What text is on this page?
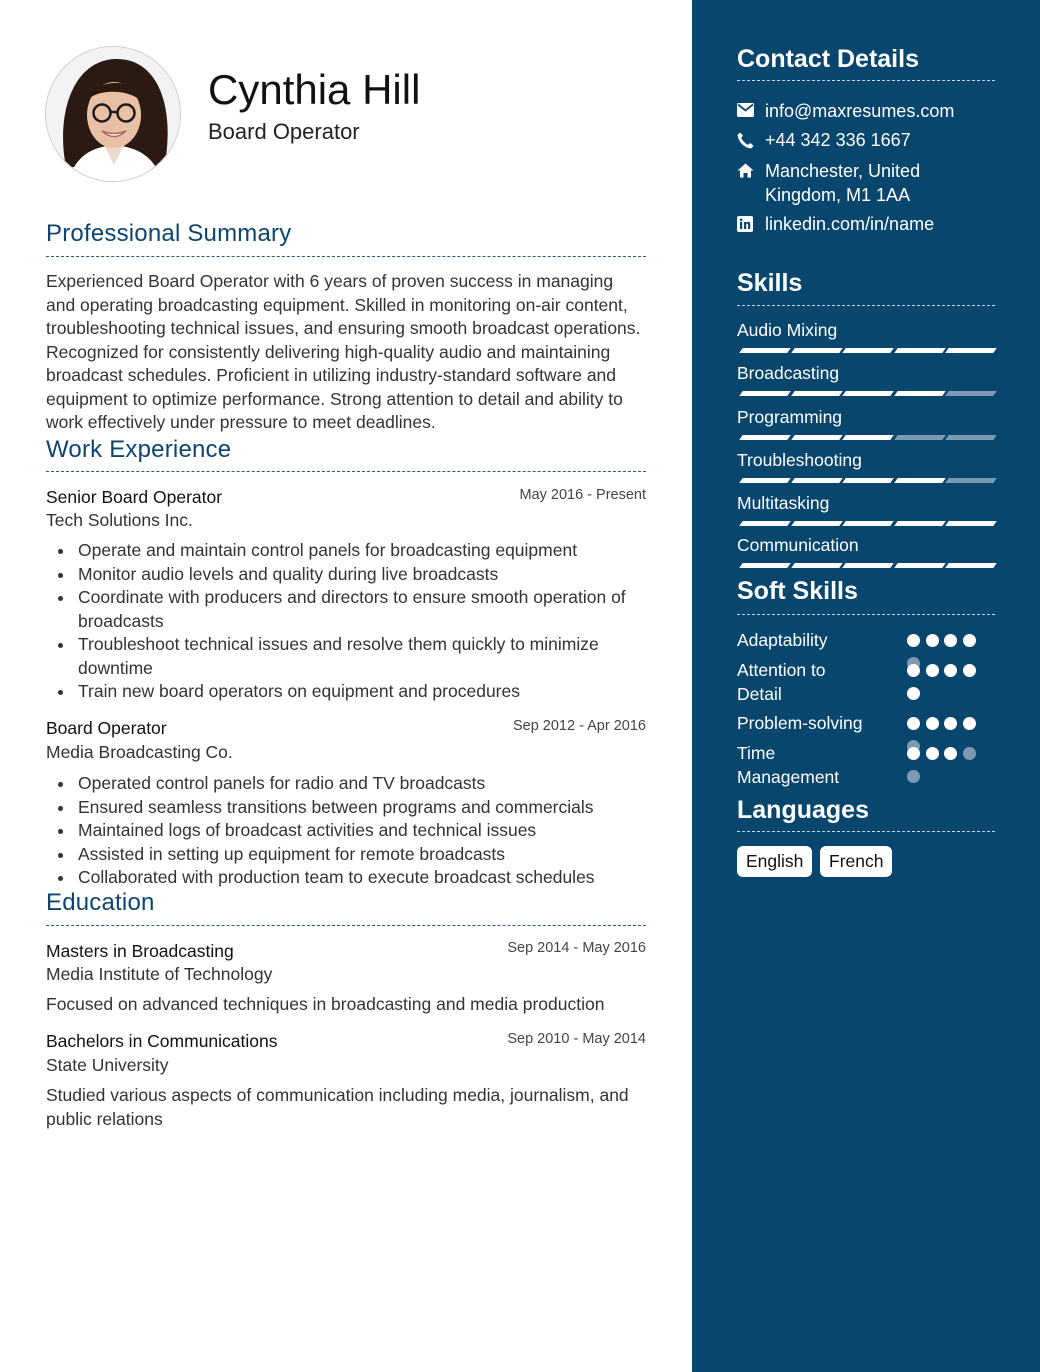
Cynthia Hill
Board Operator
Professional Summary
Experienced Board Operator with 6 years of proven success in managing and operating broadcasting equipment. Skilled in monitoring on-air content, troubleshooting technical issues, and ensuring smooth broadcast operations. Recognized for consistently delivering high-quality audio and maintaining broadcast schedules. Proficient in utilizing industry-standard software and equipment to optimize performance. Strong attention to detail and ability to work effectively under pressure to meet deadlines.
Work Experience
Senior Board Operator	May 2016 - Present
Tech Solutions Inc.
Operate and maintain control panels for broadcasting equipment
Monitor audio levels and quality during live broadcasts
Coordinate with producers and directors to ensure smooth operation of broadcasts
Troubleshoot technical issues and resolve them quickly to minimize downtime
Train new board operators on equipment and procedures
Board Operator	Sep 2012 - Apr 2016
Media Broadcasting Co.
Operated control panels for radio and TV broadcasts
Ensured seamless transitions between programs and commercials
Maintained logs of broadcast activities and technical issues
Assisted in setting up equipment for remote broadcasts
Collaborated with production team to execute broadcast schedules
Education
Masters in Broadcasting	Sep 2014 - May 2016
Media Institute of Technology
Focused on advanced techniques in broadcasting and media production
Bachelors in Communications	Sep 2010 - May 2014
State University
Studied various aspects of communication including media, journalism, and public relations
Contact Details
info@maxresumes.com
+44 342 336 1667
Manchester, United Kingdom, M1 1AA
linkedin.com/in/name
Skills
Audio Mixing
Broadcasting
Programming
Troubleshooting
Multitasking
Communication
Soft Skills
Adaptability
Attention to Detail
Problem-solving
Time Management
Languages
English	French
